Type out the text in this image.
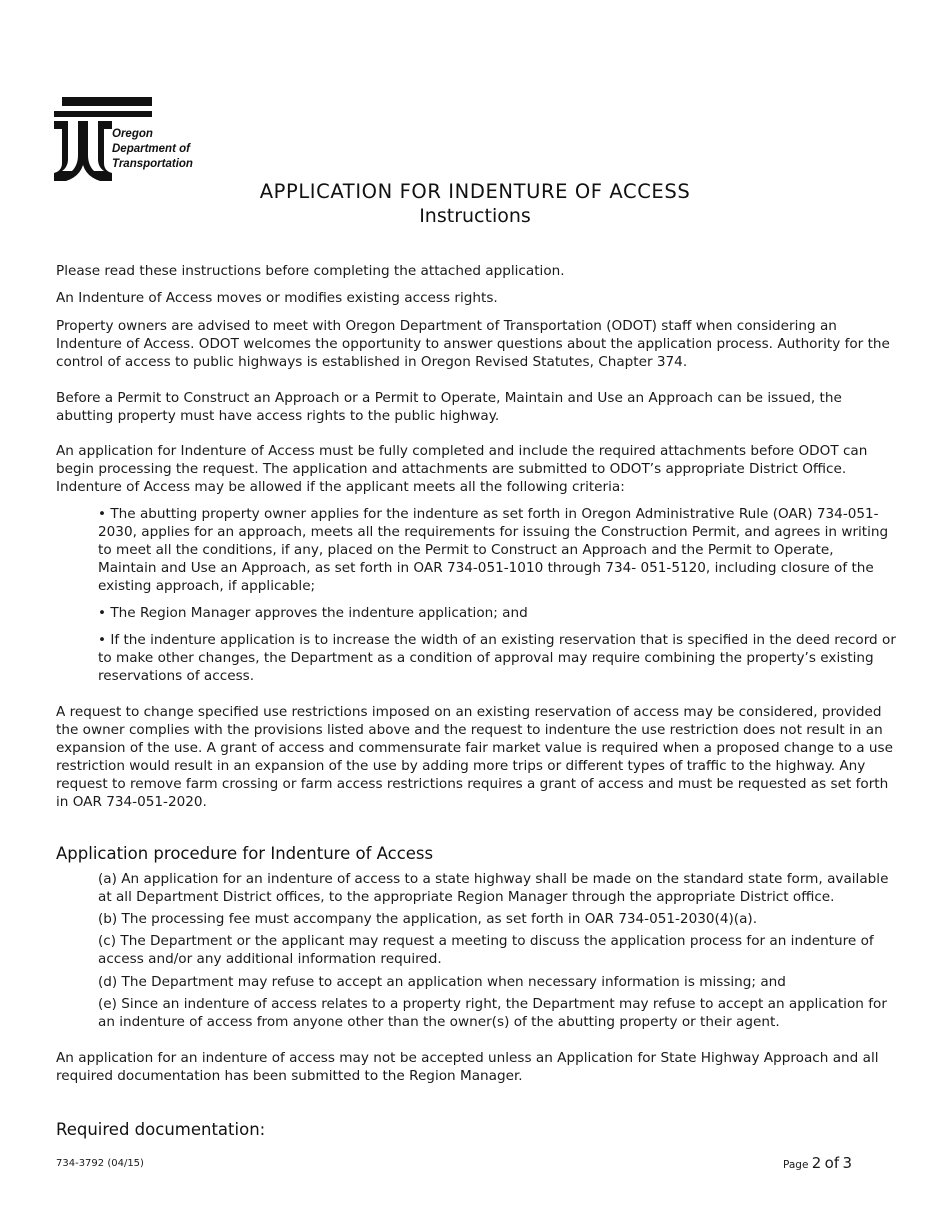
Oregon
Department of
Transportation
APPLICATION FOR INDENTURE OF ACCESS
Instructions

Please read these instructions before completing the attached application.

An Indenture of Access moves or modifies existing access rights.

Property owners are advised to meet with Oregon Department of Transportation (ODOT) staff when considering an Indenture of Access. ODOT welcomes the opportunity to answer questions about the application process. Authority for the control of access to public highways is established in Oregon Revised Statutes, Chapter 374.

Before a Permit to Construct an Approach or a Permit to Operate, Maintain and Use an Approach can be issued, the abutting property must have access rights to the public highway.

An application for Indenture of Access must be fully completed and include the required attachments before ODOT can begin processing the request. The application and attachments are submitted to ODOT’s appropriate District Office. Indenture of Access may be allowed if the applicant meets all the following criteria:

• The abutting property owner applies for the indenture as set forth in Oregon Administrative Rule (OAR) 734-051-2030, applies for an approach, meets all the requirements for issuing the Construction Permit, and agrees in writing to meet all the conditions, if any, placed on the Permit to Construct an Approach and the Permit to Operate, Maintain and Use an Approach, as set forth in OAR 734-051-1010 through 734- 051-5120, including closure of the existing approach, if applicable;

• The Region Manager approves the indenture application; and

• If the indenture application is to increase the width of an existing reservation that is specified in the deed record or to make other changes, the Department as a condition of approval may require combining the property’s existing reservations of access.

A request to change specified use restrictions imposed on an existing reservation of access may be considered, provided the owner complies with the provisions listed above and the request to indenture the use restriction does not result in an expansion of the use. A grant of access and commensurate fair market value is required when a proposed change to a use restriction would result in an expansion of the use by adding more trips or different types of traffic to the highway. Any request to remove farm crossing or farm access restrictions requires a grant of access and must be requested as set forth in OAR 734-051-2020.

Application procedure for Indenture of Access

(a) An application for an indenture of access to a state highway shall be made on the standard state form, available at all Department District offices, to the appropriate Region Manager through the appropriate District office.

(b) The processing fee must accompany the application, as set forth in OAR 734-051-2030(4)(a).

(c) The Department or the applicant may request a meeting to discuss the application process for an indenture of access and/or any additional information required.

(d) The Department may refuse to accept an application when necessary information is missing; and

(e) Since an indenture of access relates to a property right, the Department may refuse to accept an application for an indenture of access from anyone other than the owner(s) of the abutting property or their agent.

An application for an indenture of access may not be accepted unless an Application for State Highway Approach and all required documentation has been submitted to the Region Manager.

Required documentation:
734-3792 (04/15)	Page 2 of 3
